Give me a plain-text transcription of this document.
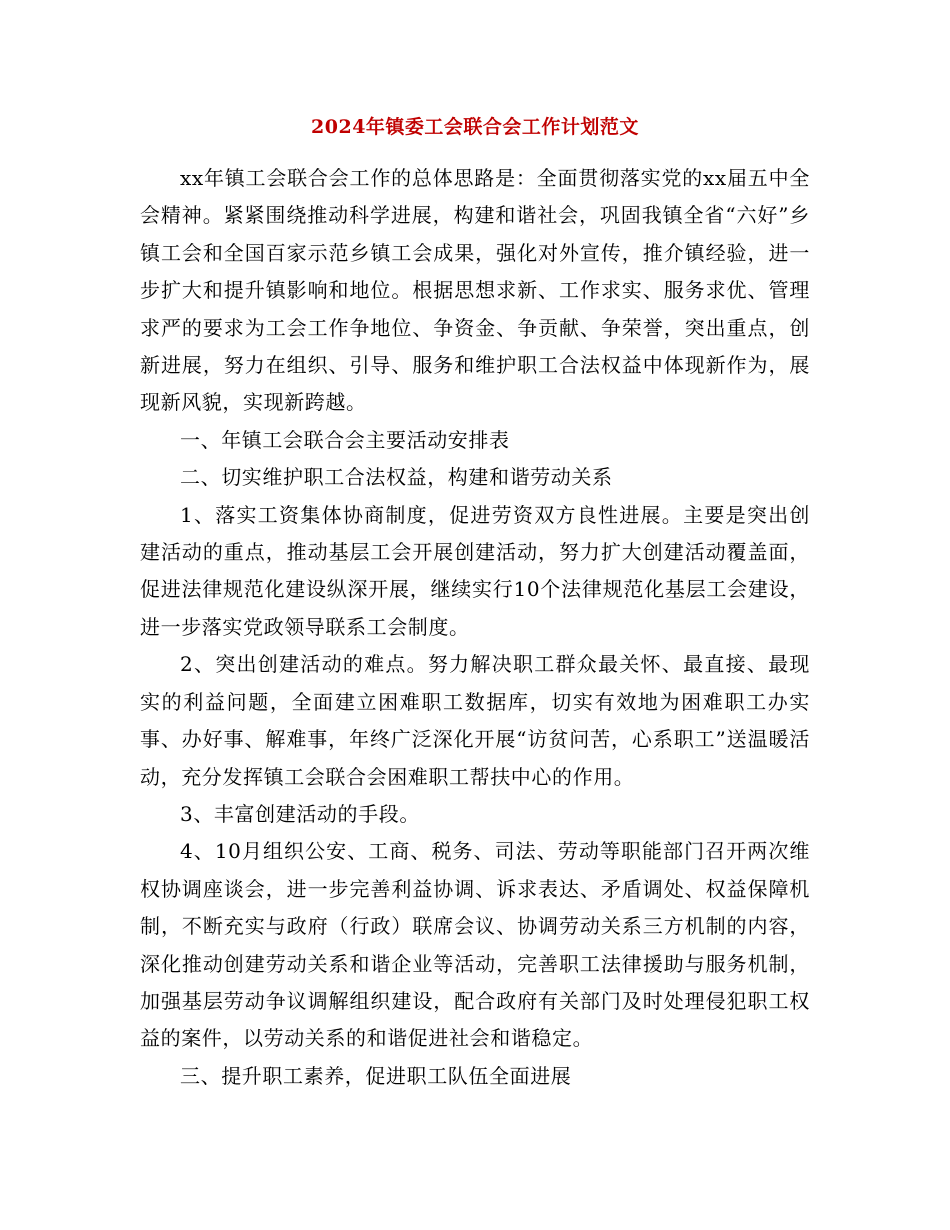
2024年镇委工会联合会工作计划范文

xx年镇工会联合会工作的总体思路是：全面贯彻落实党的xx届五中全会精神。紧紧围绕推动科学进展，构建和谐社会，巩固我镇全省“六好”乡镇工会和全国百家示范乡镇工会成果，强化对外宣传，推介镇经验，进一步扩大和提升镇影响和地位。根据思想求新、工作求实、服务求优、管理求严的要求为工会工作争地位、争资金、争贡献、争荣誉，突出重点，创新进展，努力在组织、引导、服务和维护职工合法权益中体现新作为，展现新风貌，实现新跨越。

一、年镇工会联合会主要活动安排表

二、切实维护职工合法权益，构建和谐劳动关系

1、落实工资集体协商制度，促进劳资双方良性进展。主要是突出创建活动的重点，推动基层工会开展创建活动，努力扩大创建活动覆盖面，促进法律规范化建设纵深开展，继续实行10个法律规范化基层工会建设，进一步落实党政领导联系工会制度。

2、突出创建活动的难点。努力解决职工群众最关怀、最直接、最现实的利益问题，全面建立困难职工数据库，切实有效地为困难职工办实事、办好事、解难事，年终广泛深化开展“访贫问苦，心系职工”送温暖活动，充分发挥镇工会联合会困难职工帮扶中心的作用。

3、丰富创建活动的手段。

4、10月组织公安、工商、税务、司法、劳动等职能部门召开两次维权协调座谈会，进一步完善利益协调、诉求表达、矛盾调处、权益保障机制，不断充实与政府（行政）联席会议、协调劳动关系三方机制的内容，深化推动创建劳动关系和谐企业等活动，完善职工法律援助与服务机制，加强基层劳动争议调解组织建设，配合政府有关部门及时处理侵犯职工权益的案件，以劳动关系的和谐促进社会和谐稳定。

三、提升职工素养，促进职工队伍全面进展
